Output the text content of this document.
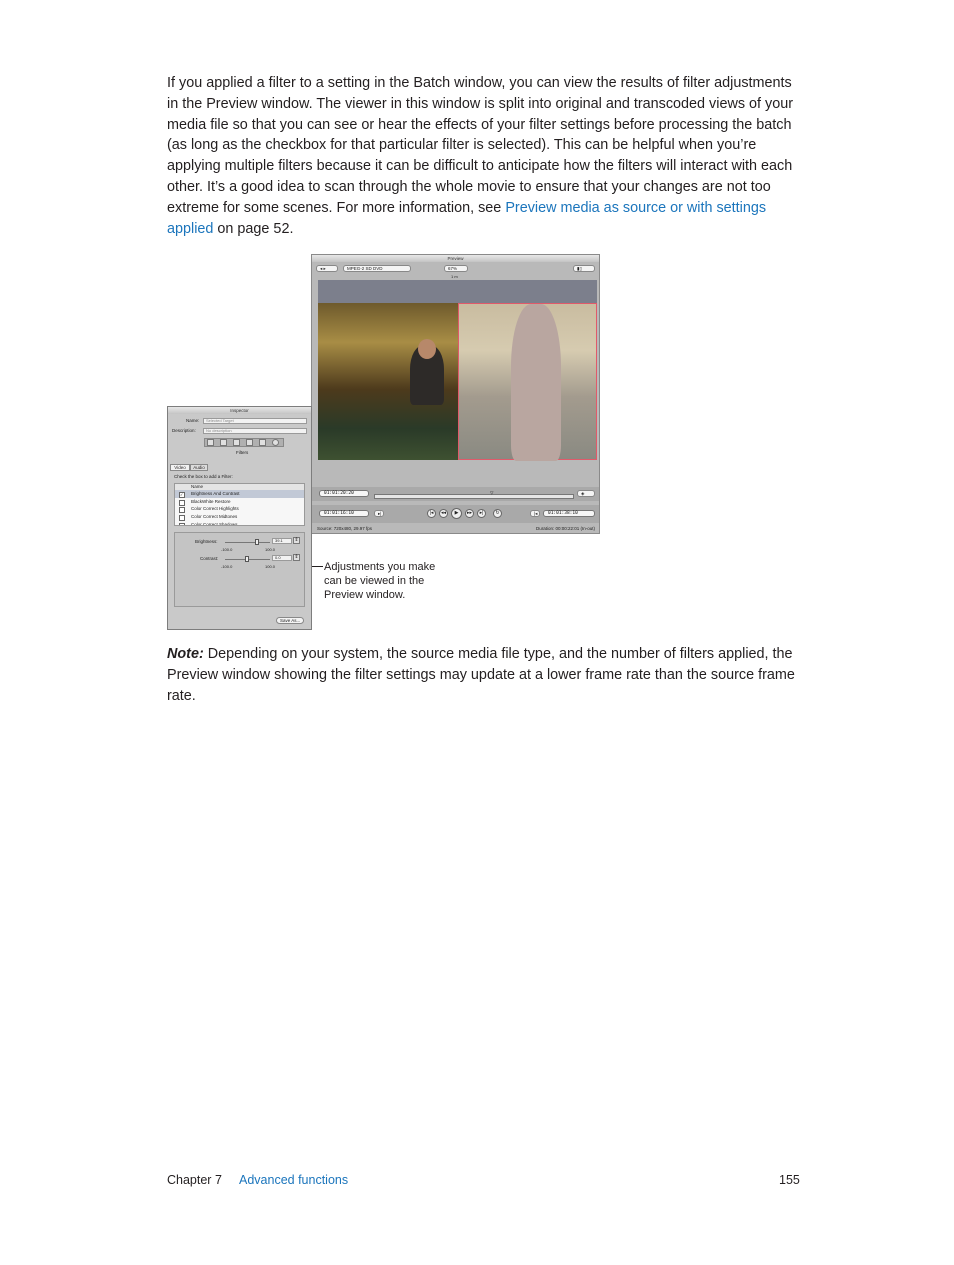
If you applied a filter to a setting in the Batch window, you can view the results of filter adjustments in the Preview window. The viewer in this window is split into original and transcoded views of your media file so that you can see or hear the effects of your filter settings before processing the batch (as long as the checkbox for that particular filter is selected). This can be helpful when you’re applying multiple filters because it can be difficult to anticipate how the filters will interact with each other. It’s a good idea to scan through the whole movie to ensure that your changes are not too extreme for some scenes. For more information, see Preview media as source or with settings applied on page 52.

Preview
◂ ▸	MPEG-2 SD DVD	67%	▮▯
1 m
01:01:20:20	▿	◈
01:01:16:10	▸|	|◂	◂◂	▶	▸▸	▸|	↻	|◂	01:01:38:10
Source: 720x480, 29.97 fps	Duration: 00:00:22:01 (In-out)
Inspector
Name:	Selected Target
Description:	No description
Filters
Video	Audio
Check the box to add a Filter:
Name
✓	Brightness And Contrast
BlackWhite Restore
Color Correct Highlights
Color Correct Midtones
Color Correct Shadows
Brightness:	39.1	⇕
-100.0	100.0
Contrast:	0.0	⇕
-100.0	100.0
Save As...
Adjustments you make can be viewed in the Preview window.

Note: Depending on your system, the source media file type, and the number of filters applied, the Preview window showing the filter settings may update at a lower frame rate than the source frame rate.

Chapter 7 Advanced functions	155
